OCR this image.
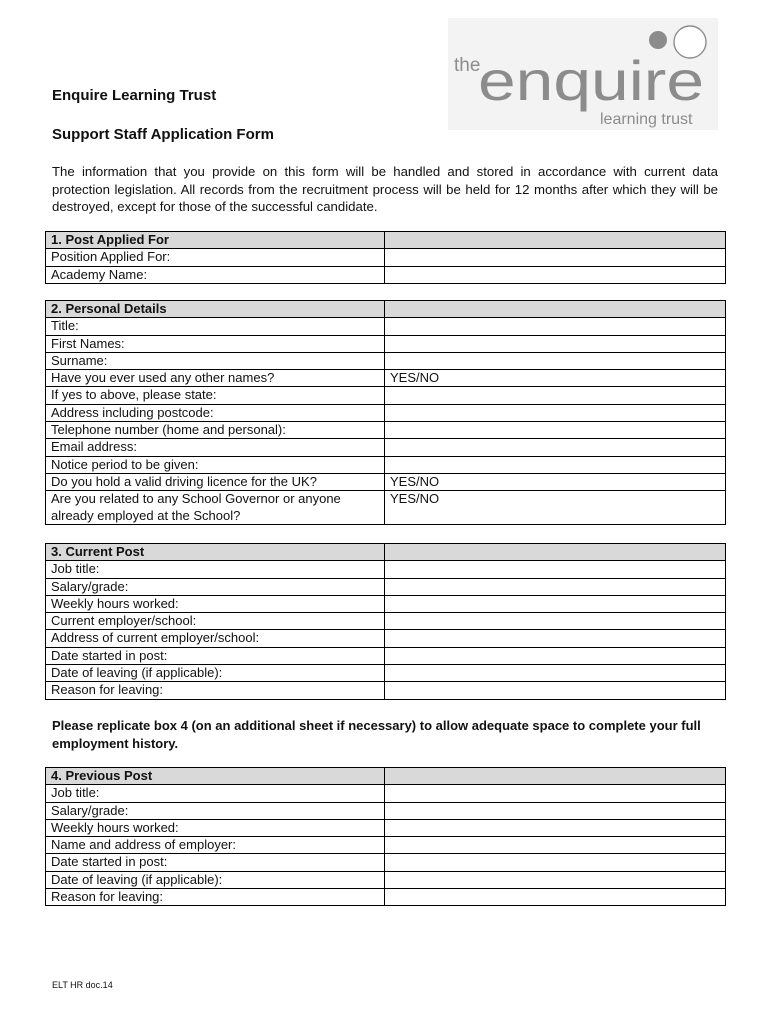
the
enquire
learning trust
Enquire Learning Trust
Support Staff Application Form
The information that you provide on this form will be handled and stored in accordance with current data protection legislation. All records from the recruitment process will be held for 12 months after which they will be destroyed, except for those of the successful candidate.
1. Post Applied For	
Position Applied For:	
Academy Name:	
2. Personal Details	
Title:	
First Names:	
Surname:	
Have you ever used any other names?	YES/NO
If yes to above, please state:	
Address including postcode:	
Telephone number (home and personal):	
Email address:	
Notice period to be given:	
Do you hold a valid driving licence for the UK?	YES/NO
Are you related to any School Governor or anyone already employed at the School?	YES/NO
3. Current Post	
Job title:	
Salary/grade:	
Weekly hours worked:	
Current employer/school:	
Address of current employer/school:	
Date started in post:	
Date of leaving (if applicable):	
Reason for leaving:	
Please replicate box 4 (on an additional sheet if necessary) to allow adequate space to complete your full employment history.
4. Previous Post	
Job title:	
Salary/grade:	
Weekly hours worked:	
Name and address of employer:	
Date started in post:	
Date of leaving (if applicable):	
Reason for leaving:	
ELT HR doc.14
